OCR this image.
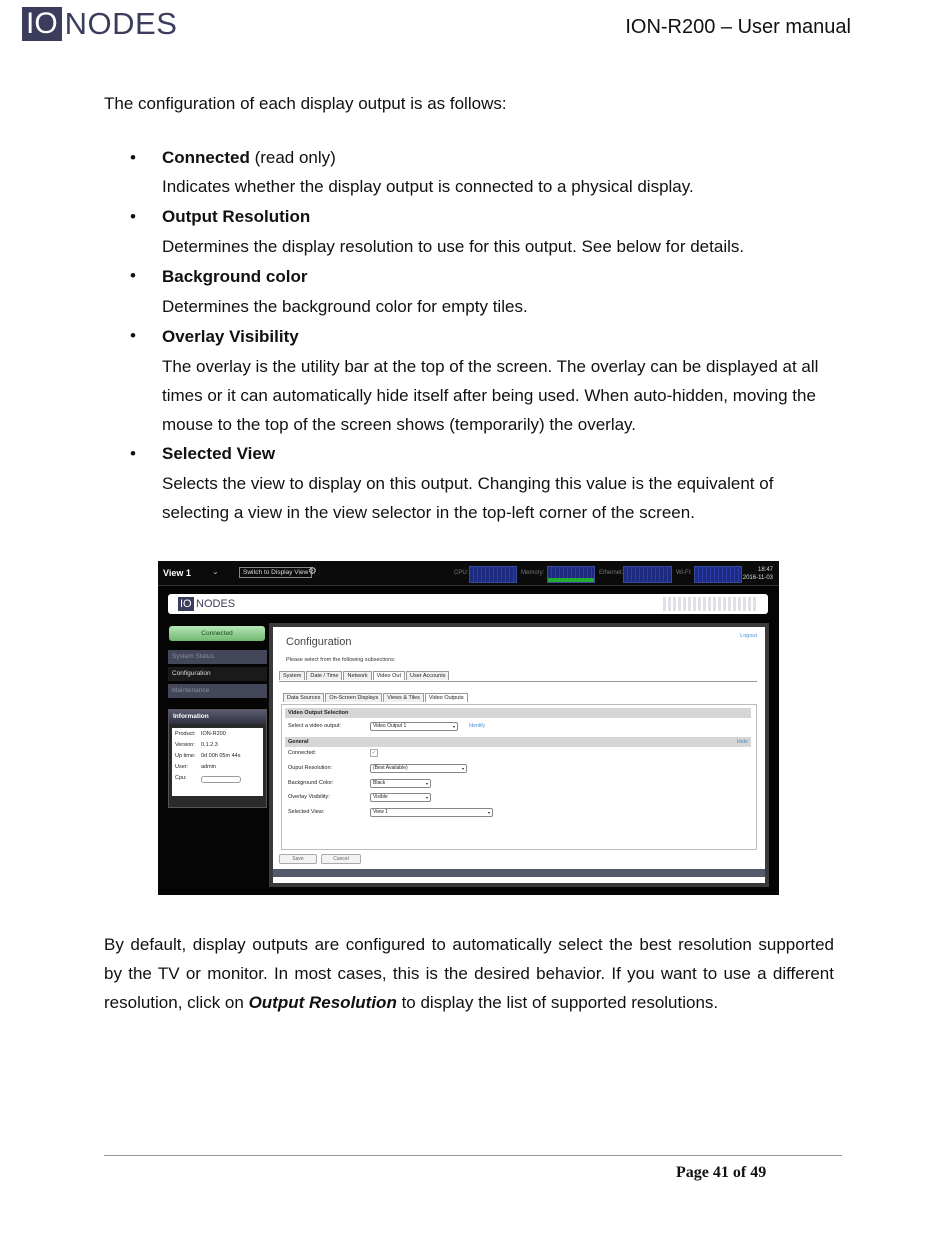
IO NODES	ION-R200 – User manual
The configuration of each display output is as follows:
• Connected (read only)
Indicates whether the display output is connected to a physical display.
• Output Resolution
Determines the display resolution to use for this output. See below for details.
• Background color
Determines the background color for empty tiles.
• Overlay Visibility
The overlay is the utility bar at the top of the screen. The overlay can be displayed at all times or it can automatically hide itself after being used. When auto-hidden, moving the mouse to the top of the screen shows (temporarily) the overlay.
• Selected View
Selects the view to display on this output. Changing this value is the equivalent of selecting a view in the view selector in the top-left corner of the screen.
View 1	⌄	Switch to Display View ⚙	CPU:	Memory:	Ethernet:	Wi-Fi:	18:47
2016-11-03
IO NODES
Connected
System Status
Configuration
Maintenance
Information
Product: ION-R200
Version: 0.1.2.3
Up time: 0d 00h 05m 44s
User: admin
Cpu:
Configuration	Logout
Please select from the following subsections:
System	Date / Time	Network	Video Out	User Accounts
Data Sources	On-Screen Displays	Views & Tiles	Video Outputs
Video Output Selection
Select a video output:	Video Output 1	▾	Identify
General	Hide
Connected:	✓
Ouput Resolution:	(Best Available)	▾
Background Color:	Black	▾
Overlay Visibility:	Visible	▾
Selected View:	View 1	▾
Save	Cancel
By default, display outputs are configured to automatically select the best resolution supported by the TV or monitor. In most cases, this is the desired behavior. If you want to use a different resolution, click on Output Resolution to display the list of supported resolutions.
Page 41 of 49
